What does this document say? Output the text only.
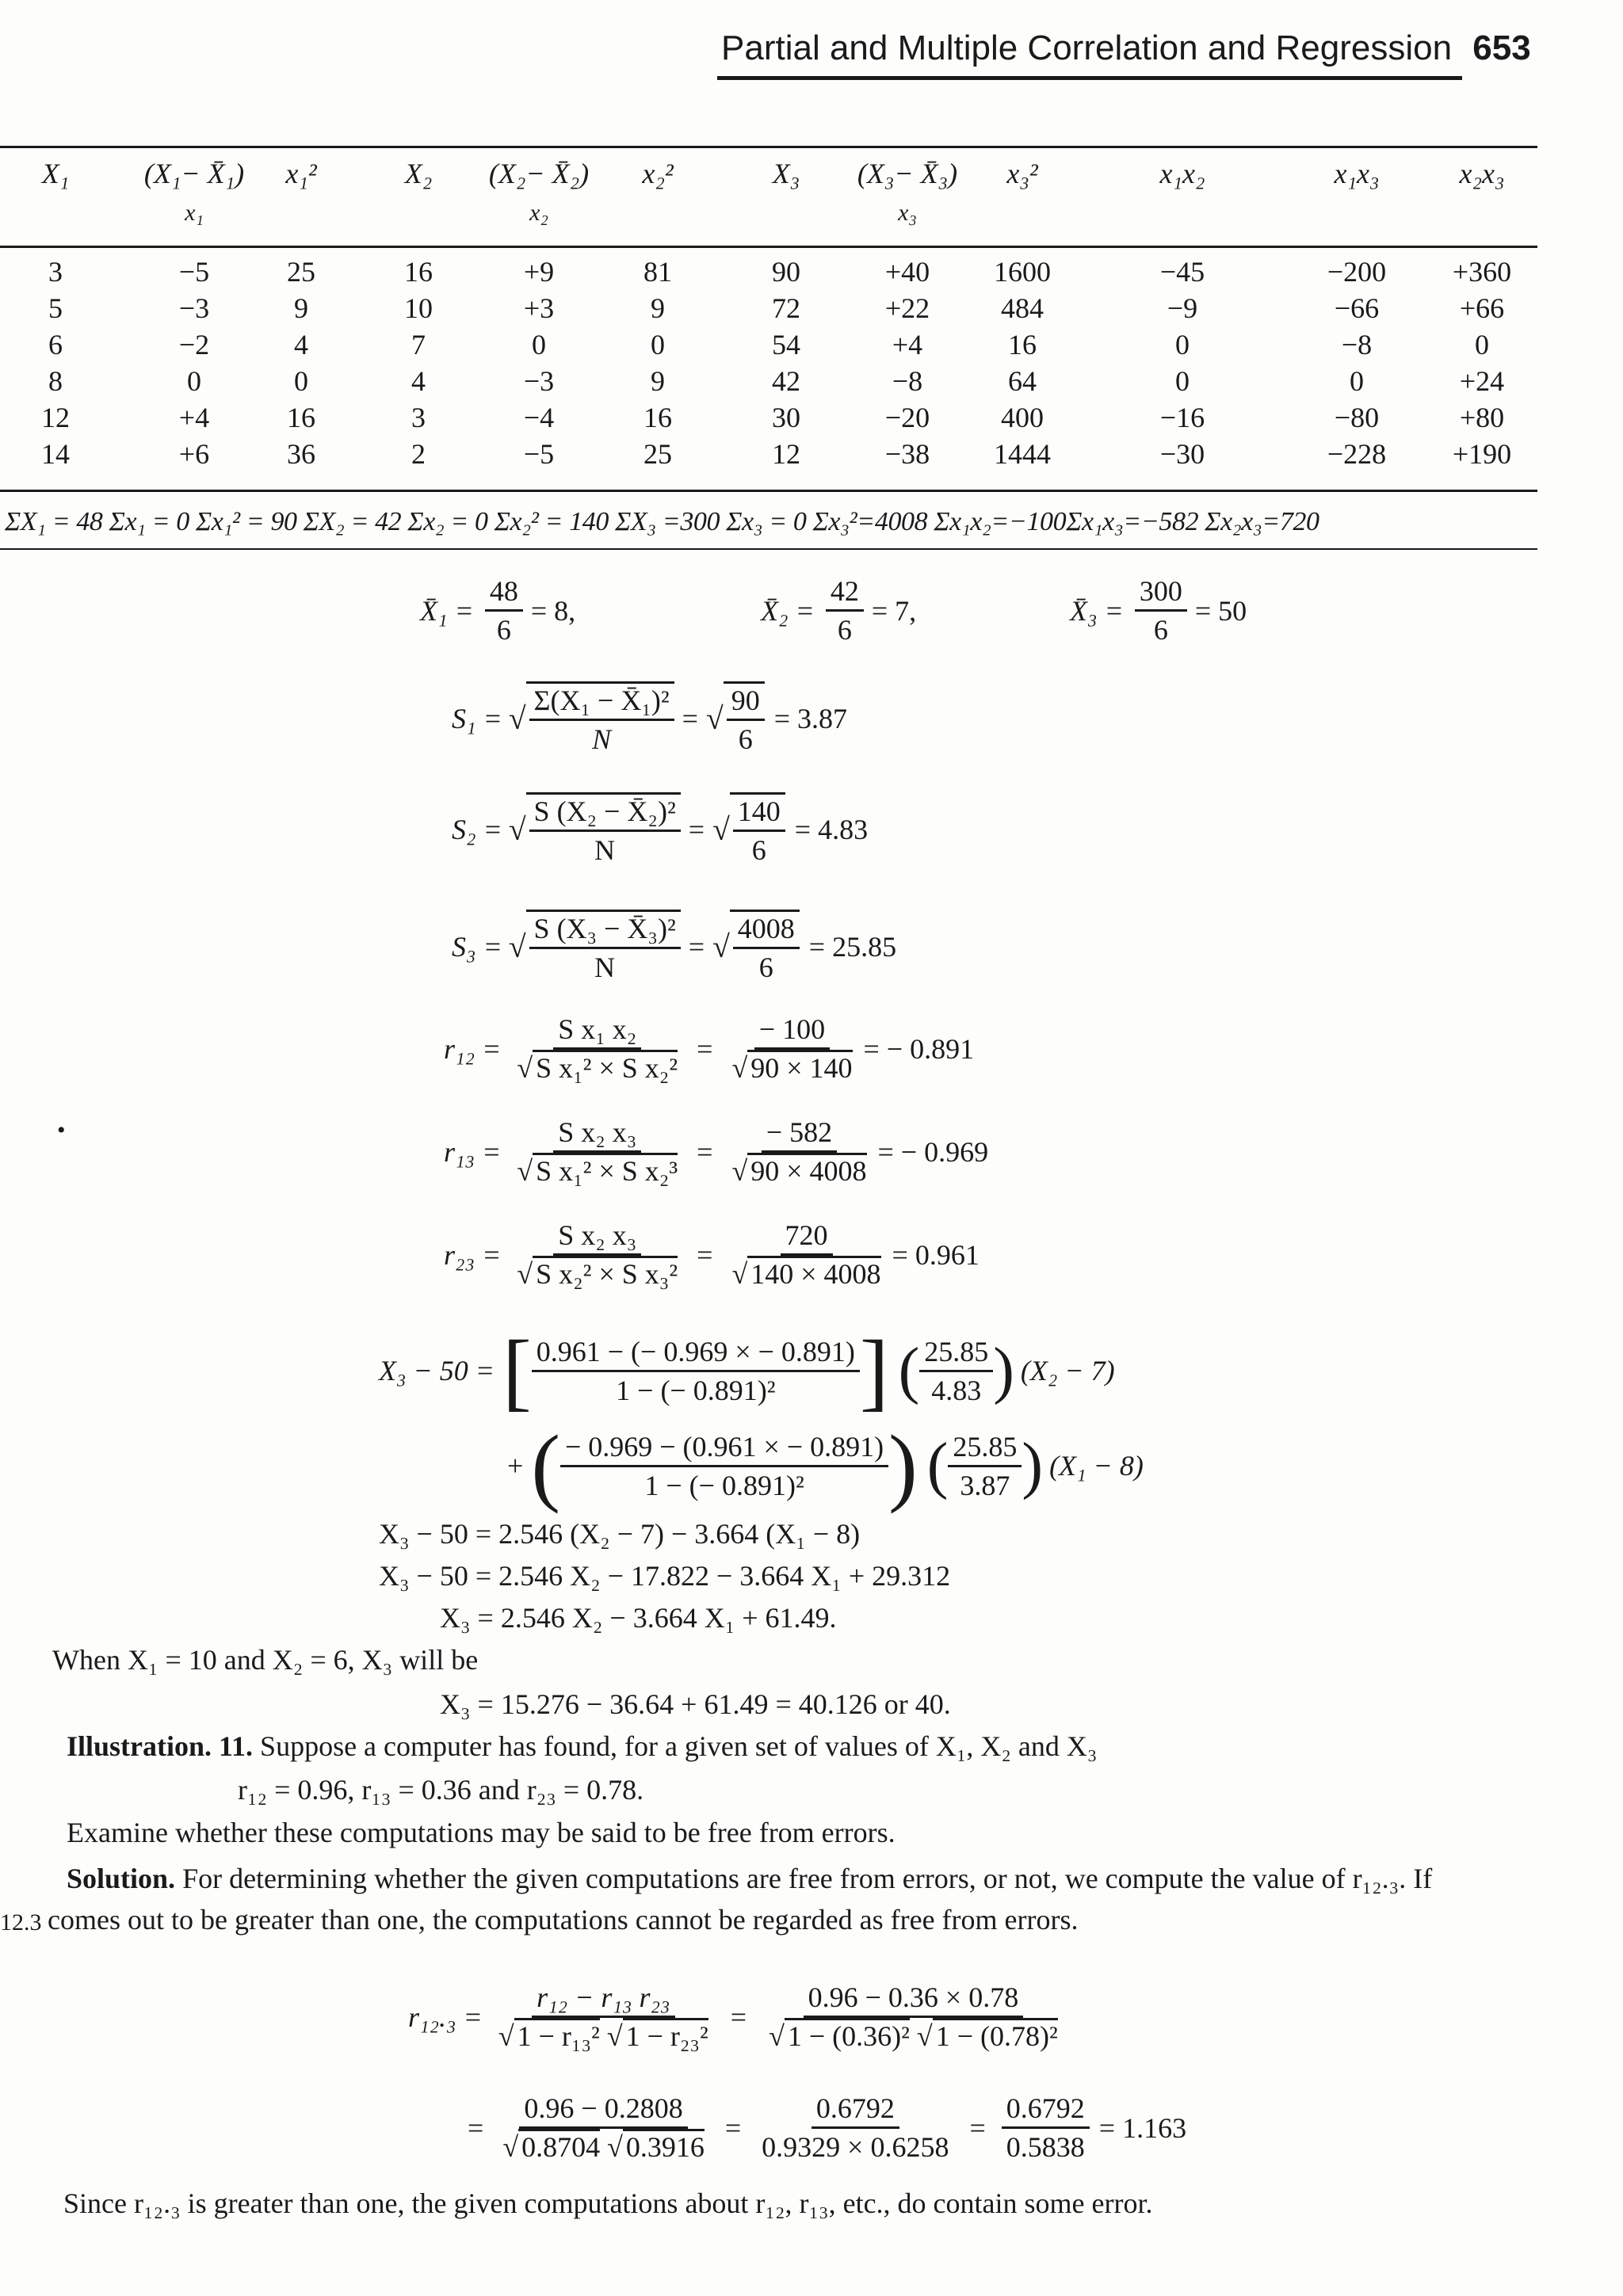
Partial and Multiple Correlation and Regression 653
X₁	(X₁− X̄₁)	x₁²	X₂	(X₂− X̄₂)	x₂²	X₃	(X₃− X̄₃)	x₃²	x₁x₂	x₁x₃	x₂x₃
x₁	x₂	x₃
3	−5	25	16	+9	81	90	+40	1600	−45	−200	+360
5	−3	9	10	+3	9	72	+22	484	−9	−66	+66
6	−2	4	7	0	0	54	+4	16	0	−8	0
8	0	0	4	−3	9	42	−8	64	0	0	+24
12	+4	16	3	−4	16	30	−20	400	−16	−80	+80
14	+6	36	2	−5	25	12	−38	1444	−30	−228	+190
ΣX₁ = 48 Σx₁ = 0 Σx₁² = 90 ΣX₂ = 42 Σx₂ = 0 Σx₂² = 140 ΣX₃ =300 Σx₃ = 0 Σx₃²=4008 Σx₁x₂=−100Σx₁x₃=−582 Σx₂x₃=720
X̄₁ = $\frac{48}{6} = 8$,	X̄₂ = $\frac{42}{6} = 7$,	X̄₃ = $\frac{300}{6} = 50$
S₁ = √ $\frac{\text{Σ(X₁ − X̄₁)²}}{N}$ = √ $\frac{90}{6} = 3.87$
S₂ = √ $\frac{\text{S (X₂ − X̄₂)²}}{N}$ = √ $\frac{140}{6} = 4.83$
S₃ = √ $\frac{\text{S (X₃ − X̄₃)²}}{N}$ = √ $\frac{4008}{6} = 25.85$
$r_{12} = \frac{\text{S x₁ x₂}}{\text{√ S x₁² × S x₂²}} = \frac{- 100}{√ 90 \times 140}$ = − 0.891
•
$r_{13} = \frac{\text{S x₂ x₃}}{\text{√ S x₁² × S x₂³}} = \frac{- 582}{√ 90 \times 4008}$ = − 0.969
$r_{23} = \frac{\text{S x₂ x₃}}{\text{√ S x₂² × S x₃²}} = \frac{720}{√ 140 \times 4008} = 0.961$
X₃ − 50 = [ $\frac{0.961 - (- 0.969 \times - 0.891)}{\text{1 − (− 0.891)²}}$ ] ( $\frac{25.85}{4.83}$ ) (X₂ − 7)
+ ( $\frac{- 0.969 - (0.961 \times - 0.891)}{\text{1 − (− 0.891)²}}$ ) ( $\frac{25.85}{3.87}$ ) (X₁ − 8)
X₃ − 50 = 2.546 (X₂ − 7) − 3.664 (X₁ − 8)
X₃ − 50 = 2.546 X₂ − 17.822 − 3.664 X₁ + 29.312
X₃ = 2.546 X₂ − 3.664 X₁ + 61.49.
When X₁ = 10 and X₂ = 6, X₃ will be
X₃ = 15.276 − 36.64 + 61.49 = 40.126 or 40.
Illustration. 11. Suppose a computer has found, for a given set of values of X₁, X₂ and X₃
r₁₂ = 0.96, r₁₃ = 0.36 and r₂₃ = 0.78.
Examine whether these computations may be said to be free from errors.
Solution. For determining whether the given computations are free from errors, or not, we compute the value of r₁₂.₃. If
12.3 comes out to be greater than one, the computations cannot be regarded as free from errors.
$r_{12}._3 = \frac{\text{r₁₂ − r₁₃ r₂₃}}{\text{√ 1 − r₁₃² √ 1 − r₂₃²}} = \frac{0.96 - 0.36 \times 0.78}{\text{√ 1 − (0.36)² √ 1 − (0.78)²}}$
= $\frac{0.96 - 0.2808}{√ 0.8704 √ 0.3916} = \frac{0.6792}{0.9329 \times 0.6258} = \frac{0.6792}{0.5838} = 1.163$
Since r₁₂.₃ is greater than one, the given computations about r₁₂, r₁₃, etc., do contain some error.
